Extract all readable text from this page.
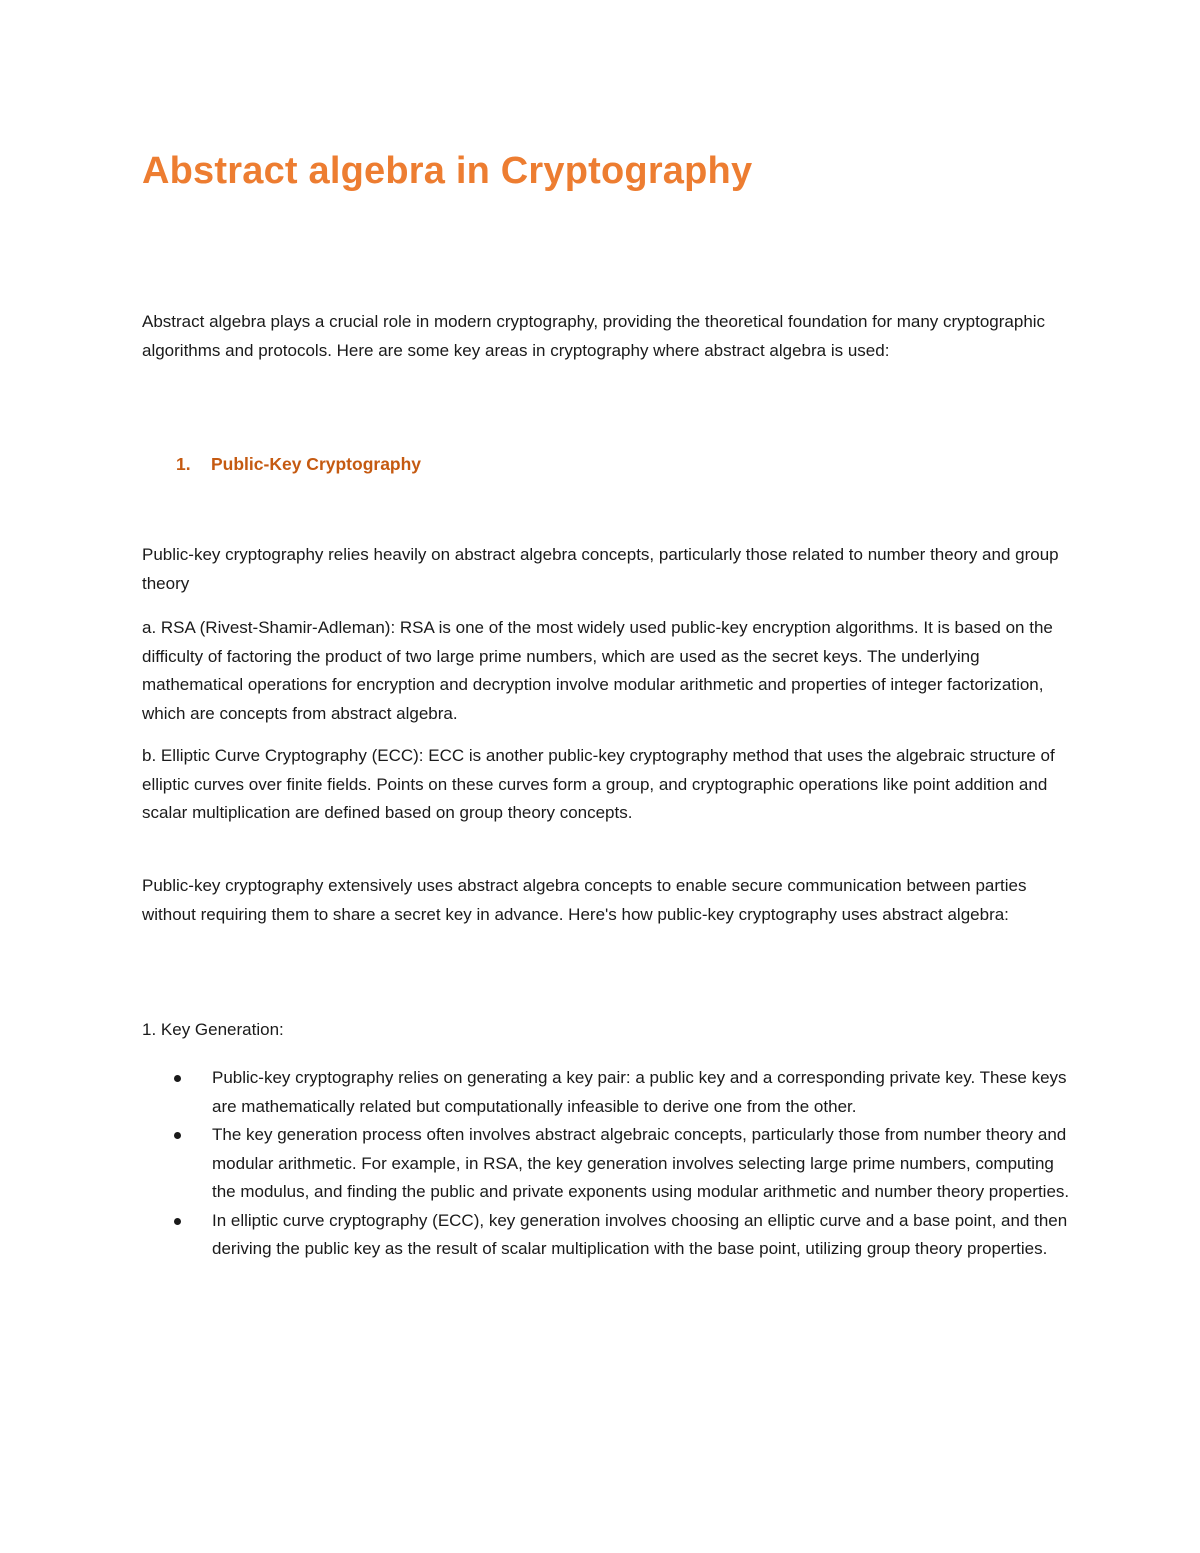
Abstract algebra in Cryptography

Abstract algebra plays a crucial role in modern cryptography, providing the theoretical foundation for many cryptographic algorithms and protocols. Here are some key areas in cryptography where abstract algebra is used:

1. Public-Key Cryptography

Public-key cryptography relies heavily on abstract algebra concepts, particularly those related to number theory and group theory

a. RSA (Rivest-Shamir-Adleman): RSA is one of the most widely used public-key encryption algorithms. It is based on the difficulty of factoring the product of two large prime numbers, which are used as the secret keys. The underlying mathematical operations for encryption and decryption involve modular arithmetic and properties of integer factorization, which are concepts from abstract algebra.

b. Elliptic Curve Cryptography (ECC): ECC is another public-key cryptography method that uses the algebraic structure of elliptic curves over finite fields. Points on these curves form a group, and cryptographic operations like point addition and scalar multiplication are defined based on group theory concepts.

Public-key cryptography extensively uses abstract algebra concepts to enable secure communication between parties without requiring them to share a secret key in advance. Here's how public-key cryptography uses abstract algebra:

1. Key Generation:

Public-key cryptography relies on generating a key pair: a public key and a corresponding private key. These keys are mathematically related but computationally infeasible to derive one from the other.
The key generation process often involves abstract algebraic concepts, particularly those from number theory and modular arithmetic. For example, in RSA, the key generation involves selecting large prime numbers, computing the modulus, and finding the public and private exponents using modular arithmetic and number theory properties.
In elliptic curve cryptography (ECC), key generation involves choosing an elliptic curve and a base point, and then deriving the public key as the result of scalar multiplication with the base point, utilizing group theory properties.
